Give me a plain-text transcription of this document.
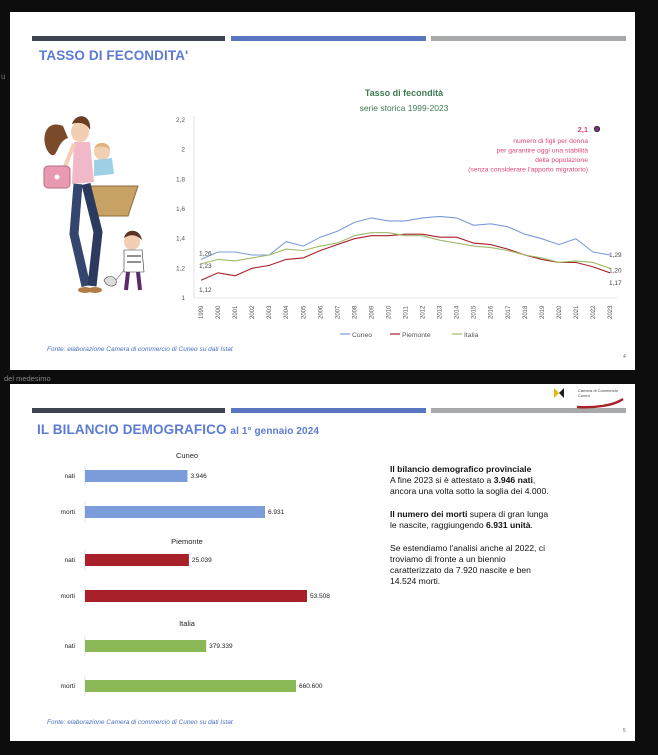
u
del medesimo
TASSO DI FECONDITA'
Tasso di fecondità
serie storica 1999-2023
2,2
2
1,8
1,6
1,4
1,2
1
1999 2000 2001 2002 2003 2004 2005 2006 2007 2008 2009 2010 2011 2012 2013 2014 2015 2016 2017 2018 2019 2020 2021 2022 2023
1,26
1,23
1,12
1,29
1,20
1,17
2,1
numero di figli per donna
per garantire oggi una stabilità
della popolazione
(senza considerare l'apporto migratorio)
Cuneo	Piemonte	Italia
Fonte: elaborazione Camera di commercio di Cuneo su dati Istat
4
Camera di Commercio
Cuneo
IL BILANCIO DEMOGRAFICO al 1° gennaio 2024
Cuneo
nati	3.946
morti	6.931
Piemonte
nati	25.039
morti	53.508
Italia
nati	379.339
morti	660.600

Il bilancio demografico provinciale
A fine 2023 si è attestato a 3.946 nati, ancora una volta sotto la soglia dei 4.000.

Il numero dei morti supera di gran lunga le nascite, raggiungendo 6.931 unità.

Se estendiamo l'analisi anche al 2022, ci troviamo di fronte a un biennio caratterizzato da 7.920 nascite e ben 14.524 morti.

Fonte: elaborazione Camera di commercio di Cuneo su dati Istat
5
